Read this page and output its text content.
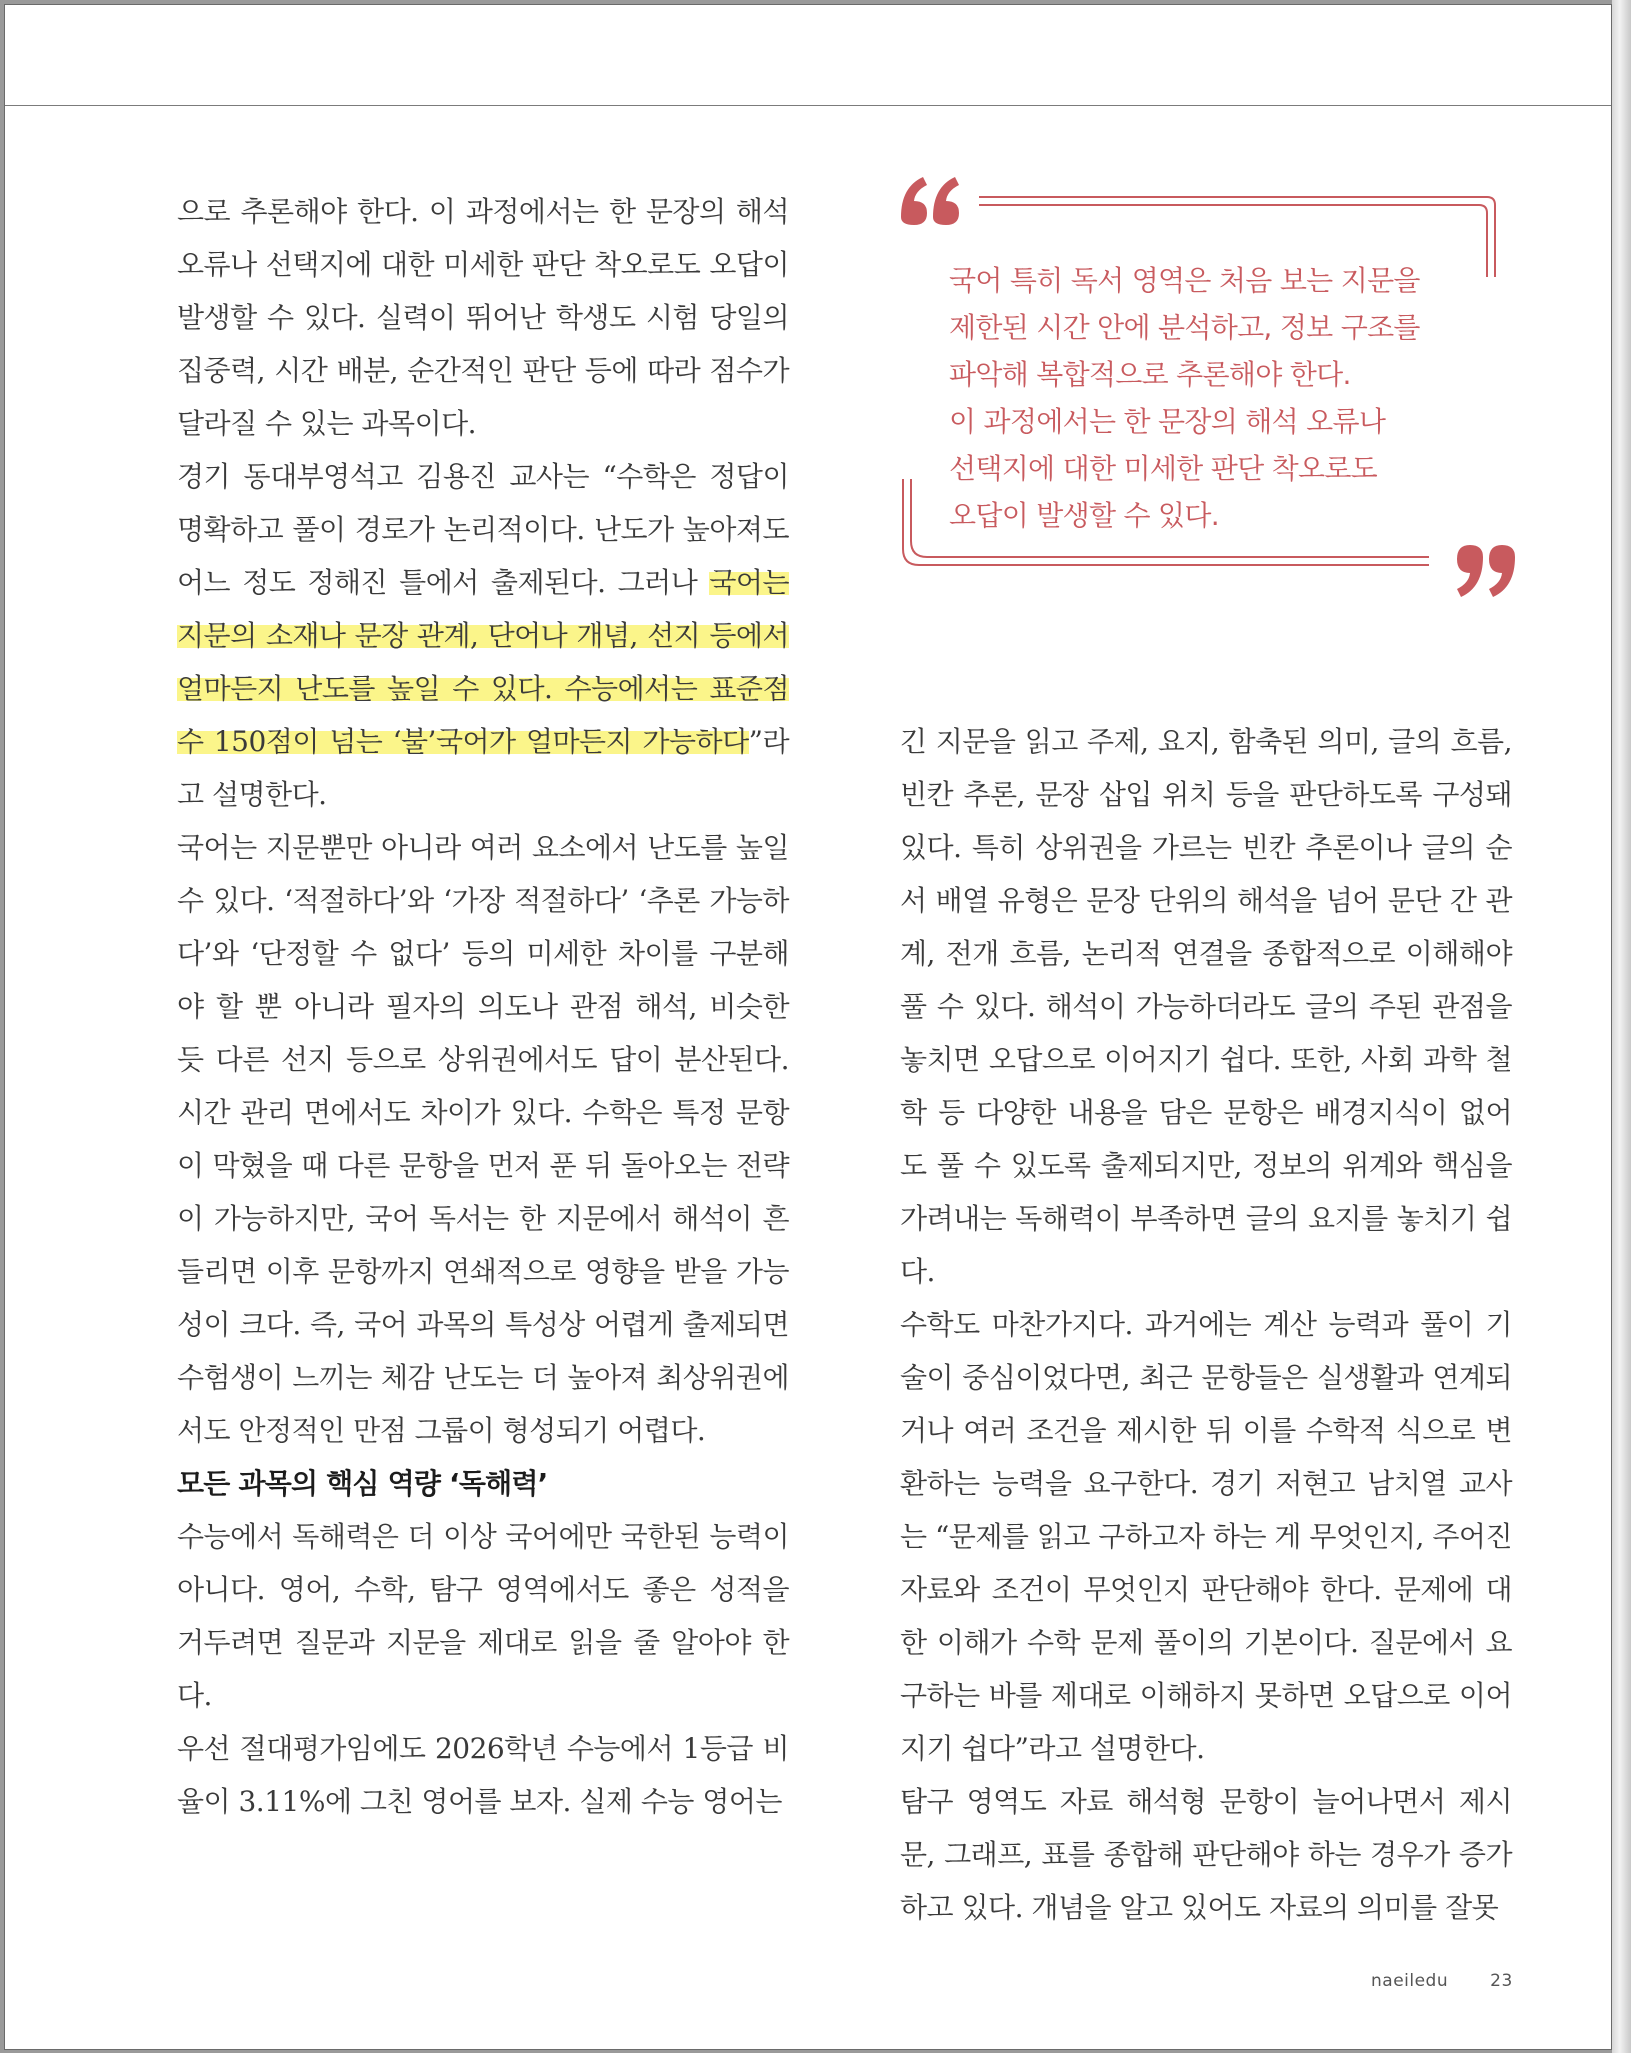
으로 추론해야 한다. 이 과정에서는 한 문장의 해석 오류나 선택지에 대한 미세한 판단 착오로도 오답이 발생할 수 있다. 실력이 뛰어난 학생도 시험 당일의 집중력, 시간 배분, 순간적인 판단 등에 따라 점수가 달라질 수 있는 과목이다.

경기 동대부영석고 김용진 교사는 “수학은 정답이 명확하고 풀이 경로가 논리적이다. 난도가 높아져도 어느 정도 정해진 틀에서 출제된다. 그러나 국어는 지문의 소재나 문장 관계, 단어나 개념, 선지 등에서 얼마든지 난도를 높일 수 있다. 수능에서는 표준점수 150점이 넘는 ‘불’국어가 얼마든지 가능하다”라고 설명한다.

국어는 지문뿐만 아니라 여러 요소에서 난도를 높일 수 있다. ‘적절하다’와 ‘가장 적절하다’ ‘추론 가능하다’와 ‘단정할 수 없다’ 등의 미세한 차이를 구분해야 할 뿐 아니라 필자의 의도나 관점 해석, 비슷한 듯 다른 선지 등으로 상위권에서도 답이 분산된다. 시간 관리 면에서도 차이가 있다. 수학은 특정 문항이 막혔을 때 다른 문항을 먼저 푼 뒤 돌아오는 전략이 가능하지만, 국어 독서는 한 지문에서 해석이 흔들리면 이후 문항까지 연쇄적으로 영향을 받을 가능성이 크다. 즉, 국어 과목의 특성상 어렵게 출제되면 수험생이 느끼는 체감 난도는 더 높아져 최상위권에서도 안정적인 만점 그룹이 형성되기 어렵다.

모든 과목의 핵심 역량 ‘독해력’

수능에서 독해력은 더 이상 국어에만 국한된 능력이 아니다. 영어, 수학, 탐구 영역에서도 좋은 성적을 거두려면 질문과 지문을 제대로 읽을 줄 알아야 한다.

우선 절대평가임에도 2026학년 수능에서 1등급 비율이 3.11%에 그친 영어를 보자. 실제 수능 영어는

국어 특히 독서 영역은 처음 보는 지문을
제한된 시간 안에 분석하고, 정보 구조를
파악해 복합적으로 추론해야 한다.
이 과정에서는 한 문장의 해석 오류나
선택지에 대한 미세한 판단 착오로도
오답이 발생할 수 있다.

긴 지문을 읽고 주제, 요지, 함축된 의미, 글의 흐름, 빈칸 추론, 문장 삽입 위치 등을 판단하도록 구성돼 있다. 특히 상위권을 가르는 빈칸 추론이나 글의 순서 배열 유형은 문장 단위의 해석을 넘어 문단 간 관계, 전개 흐름, 논리적 연결을 종합적으로 이해해야 풀 수 있다. 해석이 가능하더라도 글의 주된 관점을 놓치면 오답으로 이어지기 쉽다. 또한, 사회 과학 철학 등 다양한 내용을 담은 문항은 배경지식이 없어도 풀 수 있도록 출제되지만, 정보의 위계와 핵심을 가려내는 독해력이 부족하면 글의 요지를 놓치기 쉽다.

수학도 마찬가지다. 과거에는 계산 능력과 풀이 기술이 중심이었다면, 최근 문항들은 실생활과 연계되거나 여러 조건을 제시한 뒤 이를 수학적 식으로 변환하는 능력을 요구한다. 경기 저현고 남치열 교사는 “문제를 읽고 구하고자 하는 게 무엇인지, 주어진 자료와 조건이 무엇인지 판단해야 한다. 문제에 대한 이해가 수학 문제 풀이의 기본이다. 질문에서 요구하는 바를 제대로 이해하지 못하면 오답으로 이어지기 쉽다”라고 설명한다.

탐구 영역도 자료 해석형 문항이 늘어나면서 제시문, 그래프, 표를 종합해 판단해야 하는 경우가 증가하고 있다. 개념을 알고 있어도 자료의 의미를 잘못

naeiledu 23
